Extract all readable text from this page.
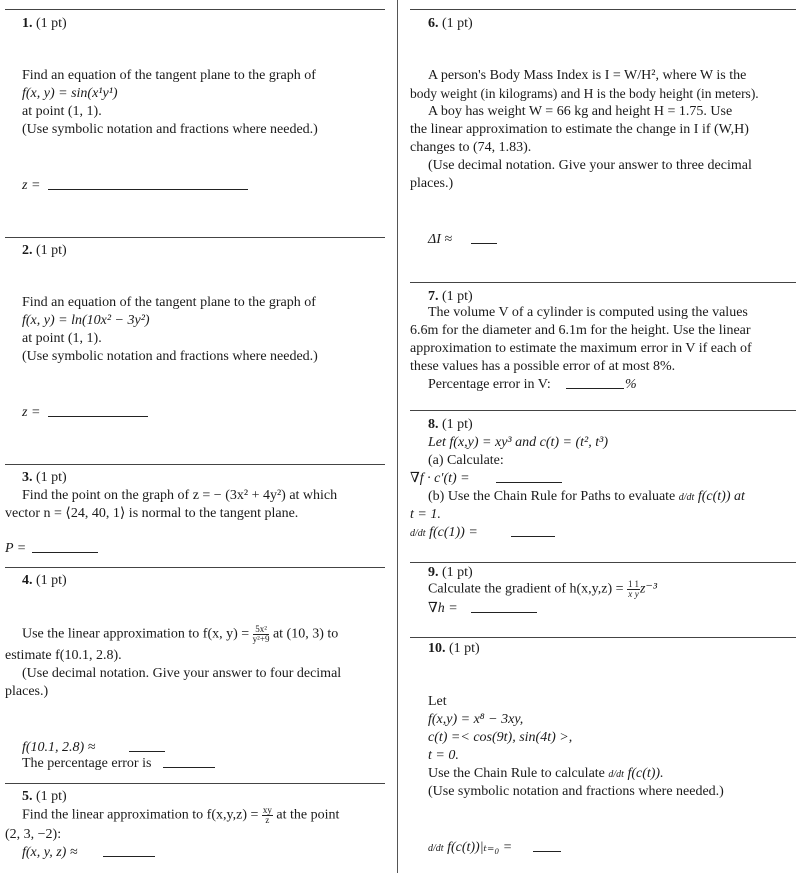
1. (1 pt)
Find an equation of the tangent plane to the graph of
f(x, y) = sin(x¹y¹)
at point (1, 1).
(Use symbolic notation and fractions where needed.)
z =
2. (1 pt)
Find an equation of the tangent plane to the graph of
f(x, y) = ln(10x² − 3y²)
at point (1, 1).
(Use symbolic notation and fractions where needed.)
z =
3. (1 pt)
Find the point on the graph of z = − (3x² + 4y²) at which
vector n = ⟨24, 40, 1⟩ is normal to the tangent plane.
P =
4. (1 pt)
Use the linear approximation to f(x, $y) = \frac{\text{5x²}}{\text{y²+9}}$ at (10, 3) to
estimate f(10.1, 2.8).
(Use decimal notation. Give your answer to four decimal
places.)
f(10.1, 2.8) ≈
The percentage error is
5. (1 pt)
Find the linear approximation to $f(x,y,z) = \frac{xy}{z}$ at the point
(2, 3, −2):
f(x, y, z) ≈
6. (1 pt)
A person's Body Mass Index is I = W/H², where W is the
body weight (in kilograms) and H is the body height (in meters).
A boy has weight W = 66 kg and height H = 1.75. Use
the linear approximation to estimate the change in I if (W,H)
changes to (74, 1.83).
(Use decimal notation. Give your answer to three decimal
places.)
ΔI ≈
7. (1 pt)
The volume V of a cylinder is computed using the values
6.6m for the diameter and 6.1m for the height. Use the linear
approximation to estimate the maximum error in V if each of
these values has a possible error of at most 8%.
Percentage error in V:	%
8. (1 pt)
Let f(x,y) = xy³ and c(t) = (t², t³)
(a) Calculate:
∇f · c′(t) =
(b) Use the Chain Rule for Paths to evaluate d/dt f(c(t)) at
t = 1.
d/dt f(c(1)) =
9. (1 pt)
Calculate the gradient of $h(x,y,z) = \frac{1}{x} \frac{1}{y} z^{-3}$
∇h =
10. (1 pt)
Let
f(x,y) = x⁸ − 3xy,
c(t) =< cos(9t), sin(4t) >,
t = 0.
Use the Chain Rule to calculate d/dt f(c(t)).
(Use symbolic notation and fractions where needed.)
d/dt f(c(t))|ₜ₌₀ =
